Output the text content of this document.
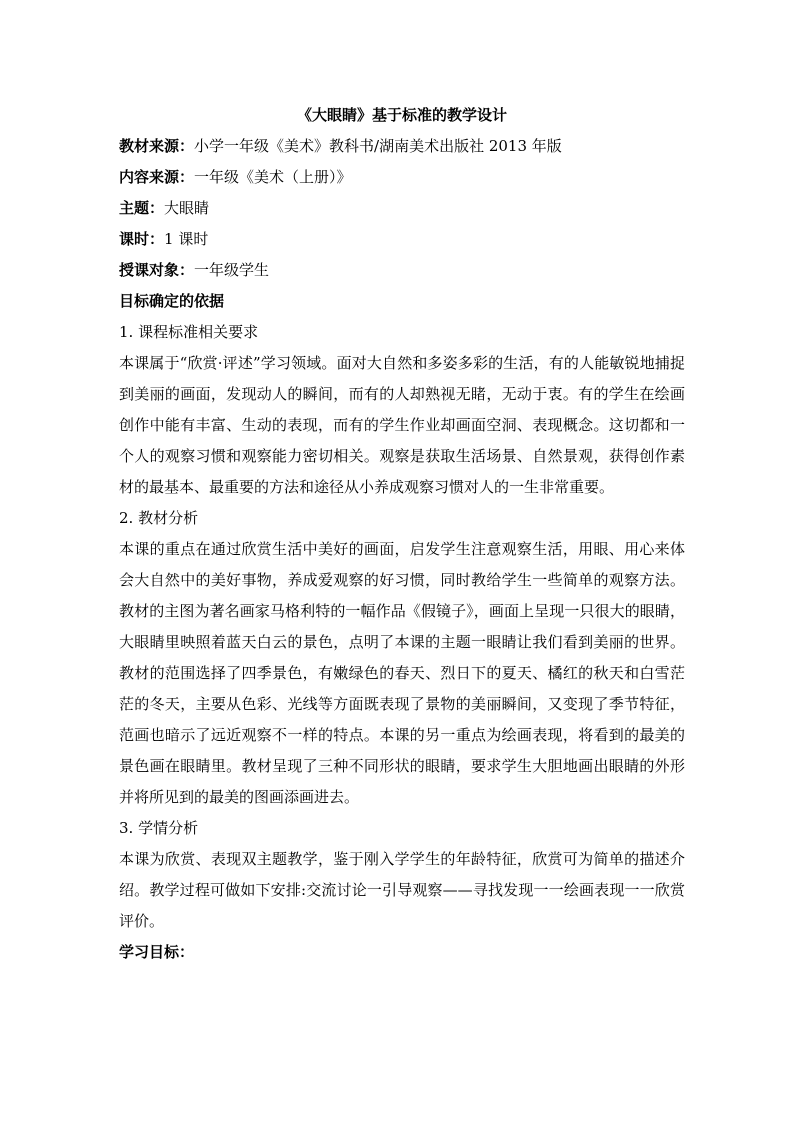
《大眼睛》基于标准的教学设计
教材来源：小学一年级《美术》教科书/湖南美术出版社 2013 年版
内容来源：一年级《美术（上册）》
主题：大眼睛
课时：1 课时
授课对象：一年级学生
目标确定的依据
1. 课程标准相关要求

本课属于“欣赏·评述”学习领域。面对大自然和多姿多彩的生活，有的人能敏锐地捕捉到美丽的画面，发现动人的瞬间，而有的人却熟视无睹，无动于衷。有的学生在绘画创作中能有丰富、生动的表现，而有的学生作业却画面空洞、表现概念。这切都和一个人的观察习惯和观察能力密切相关。观察是获取生活场景、自然景观，获得创作素材的最基本、最重要的方法和途径从小养成观察习惯对人的一生非常重要。

2. 教材分析

本课的重点在通过欣赏生活中美好的画面，启发学生注意观察生活，用眼、用心来体会大自然中的美好事物，养成爱观察的好习惯，同时教给学生一些简单的观察方法。教材的主图为著名画家马格利特的一幅作品《假镜子》，画面上呈现一只很大的眼睛，大眼睛里映照着蓝天白云的景色，点明了本课的主题一眼睛让我们看到美丽的世界。教材的范围选择了四季景色，有嫩绿色的春天、烈日下的夏天、橘红的秋天和白雪茫茫的冬天，主要从色彩、光线等方面既表现了景物的美丽瞬间，又变现了季节特征，范画也暗示了远近观察不一样的特点。本课的另一重点为绘画表现，将看到的最美的景色画在眼睛里。教材呈现了三种不同形状的眼睛，要求学生大胆地画出眼睛的外形并将所见到的最美的图画添画进去。

3. 学情分析

本课为欣赏、表现双主题教学，鉴于刚入学学生的年龄特征，欣赏可为简单的描述介绍。教学过程可做如下安排:交流讨论一引导观察——寻找发现一一绘画表现一一欣赏评价。

学习目标：
